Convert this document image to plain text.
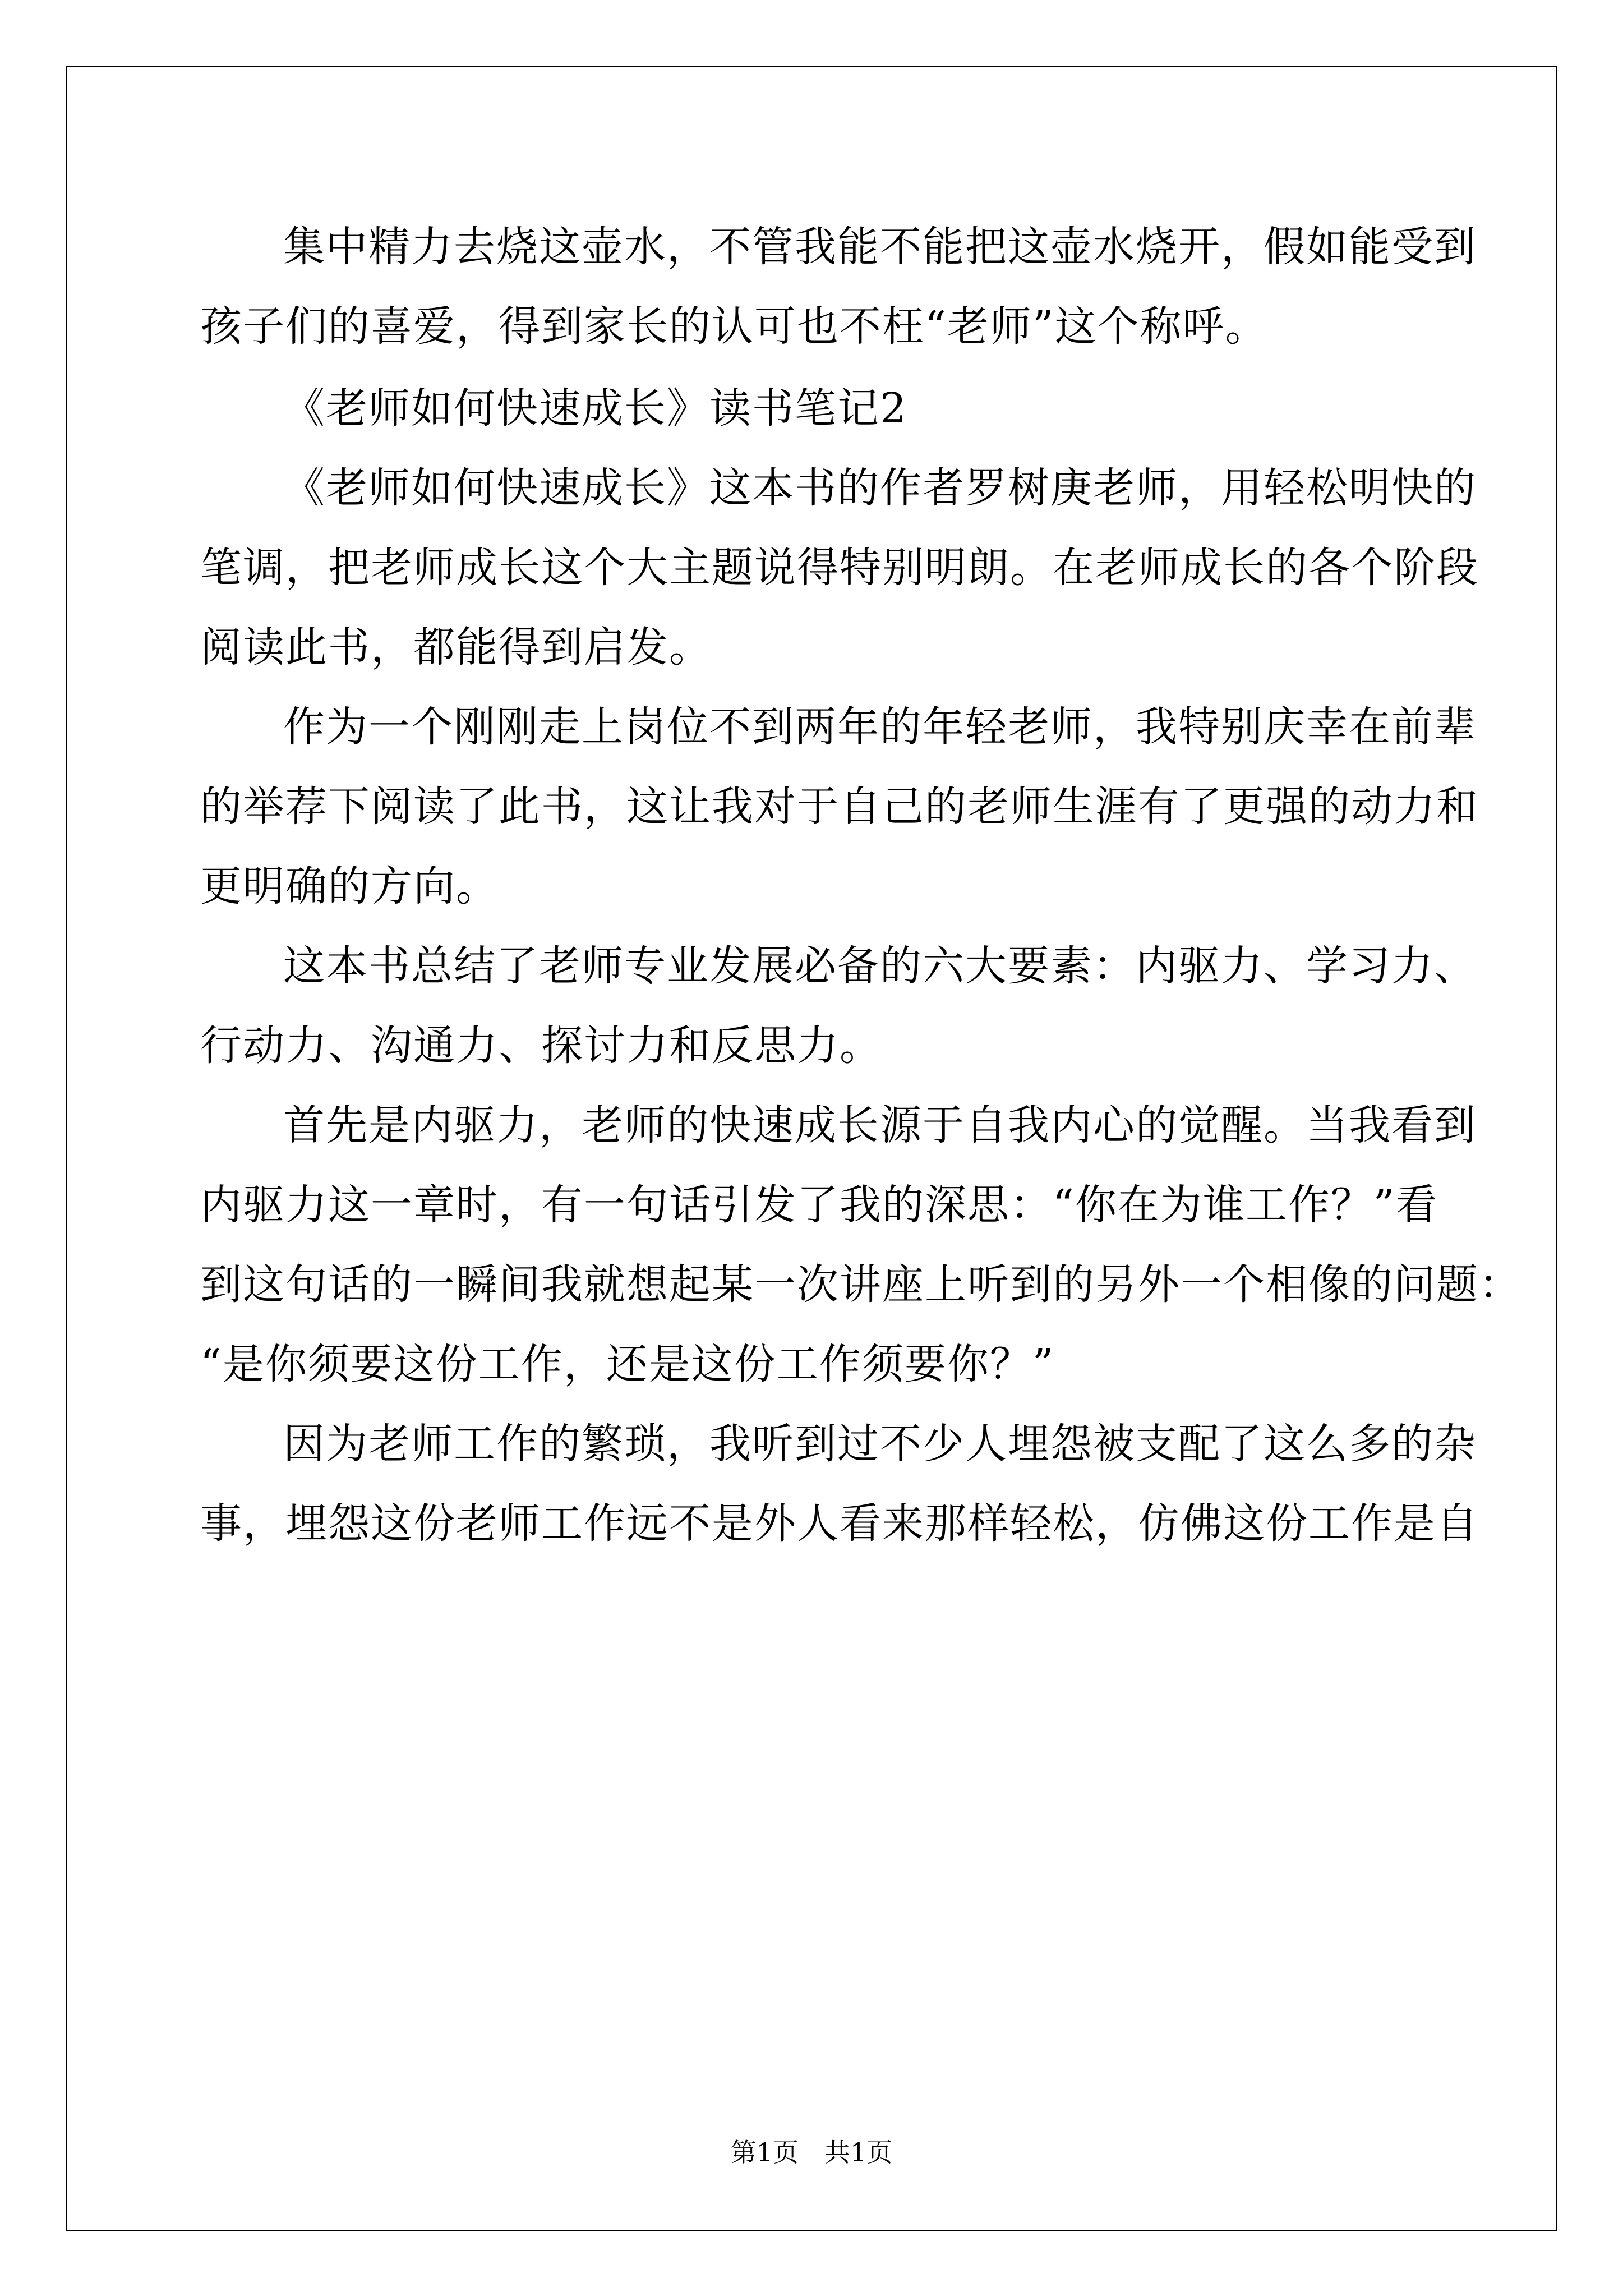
集中精力去烧这壶水，不管我能不能把这壶水烧开，假如能受到
孩子们的喜爱，得到家长的认可也不枉“老师”这个称呼。
《老师如何快速成长》读书笔记2
《老师如何快速成长》这本书的作者罗树庚老师，用轻松明快的
笔调，把老师成长这个大主题说得特别明朗。在老师成长的各个阶段
阅读此书，都能得到启发。
作为一个刚刚走上岗位不到两年的年轻老师，我特别庆幸在前辈
的举荐下阅读了此书，这让我对于自己的老师生涯有了更强的动力和
更明确的方向。
这本书总结了老师专业发展必备的六大要素：内驱力、学习力、
行动力、沟通力、探讨力和反思力。
首先是内驱力，老师的快速成长源于自我内心的觉醒。当我看到
内驱力这一章时，有一句话引发了我的深思：“你在为谁工作？”看
到这句话的一瞬间我就想起某一次讲座上听到的另外一个相像的问题：
“是你须要这份工作，还是这份工作须要你？”
因为老师工作的繁琐，我听到过不少人埋怨被支配了这么多的杂
事，埋怨这份老师工作远不是外人看来那样轻松，仿佛这份工作是自
第1页　共1页
